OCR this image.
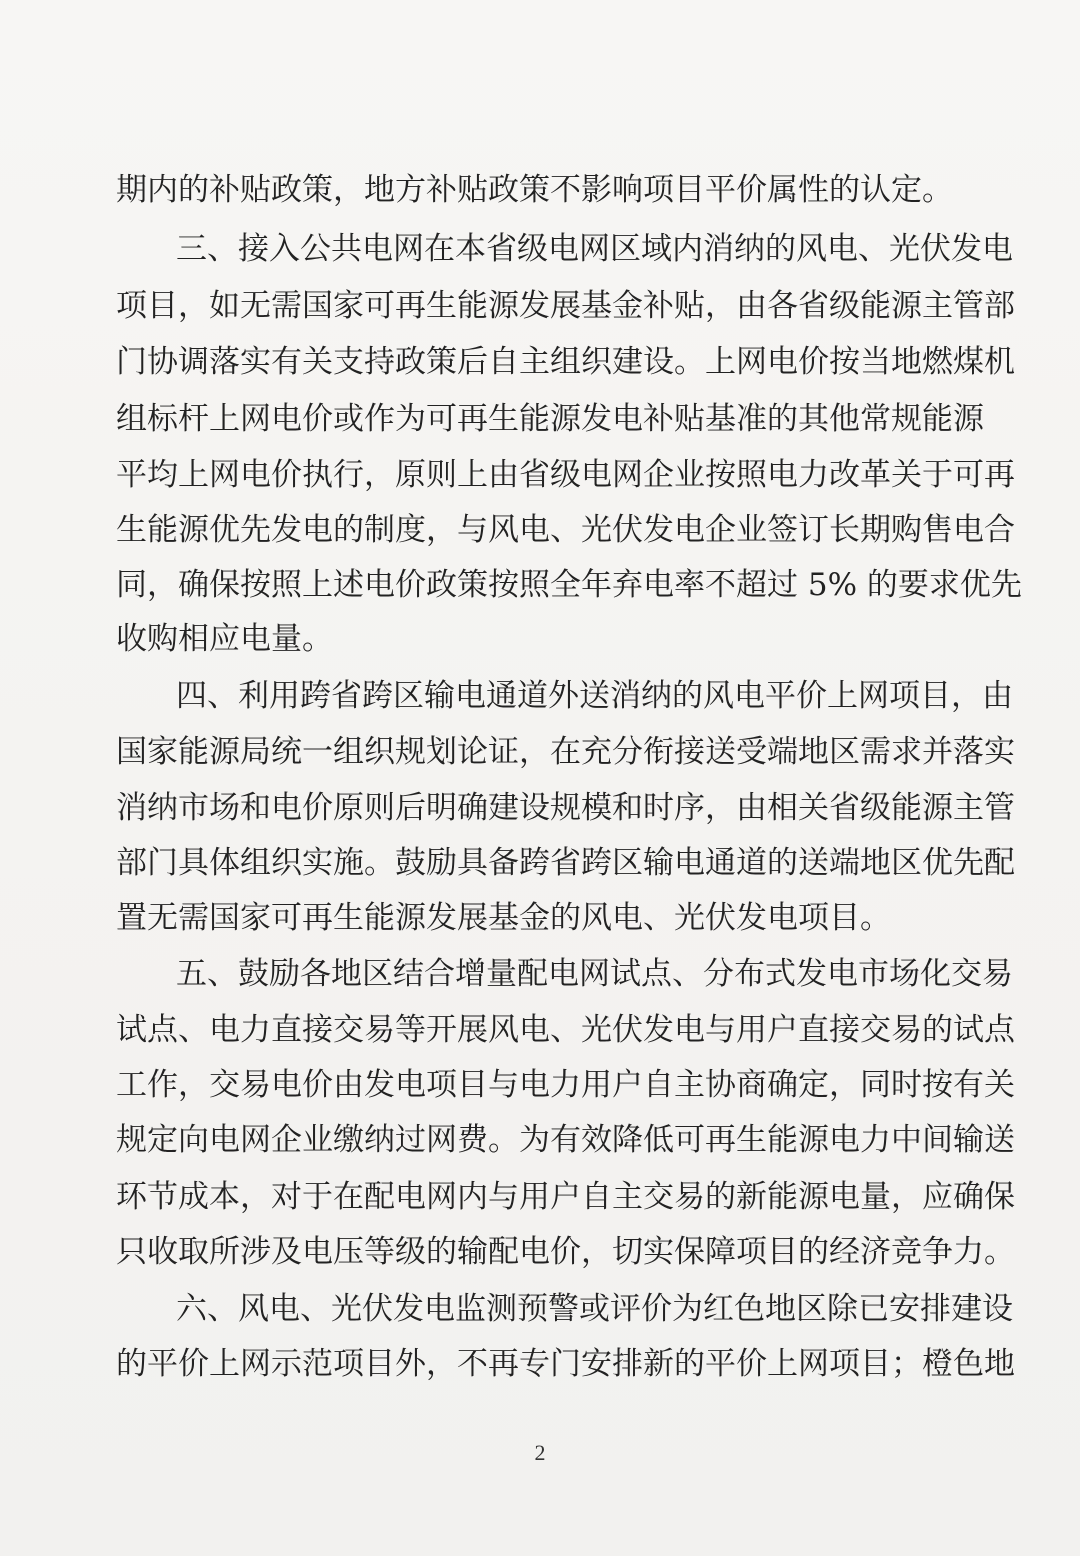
期内的补贴政策，地方补贴政策不影响项目平价属性的认定。

三、接入公共电网在本省级电网区域内消纳的风电、光伏发电

项目，如无需国家可再生能源发展基金补贴，由各省级能源主管部

门协调落实有关支持政策后自主组织建设。上网电价按当地燃煤机

组标杆上网电价或作为可再生能源发电补贴基准的其他常规能源

平均上网电价执行，原则上由省级电网企业按照电力改革关于可再

生能源优先发电的制度，与风电、光伏发电企业签订长期购售电合

同，确保按照上述电价政策按照全年弃电率不超过 5% 的要求优先

收购相应电量。

四、利用跨省跨区输电通道外送消纳的风电平价上网项目，由

国家能源局统一组织规划论证，在充分衔接送受端地区需求并落实

消纳市场和电价原则后明确建设规模和时序，由相关省级能源主管

部门具体组织实施。鼓励具备跨省跨区输电通道的送端地区优先配

置无需国家可再生能源发展基金的风电、光伏发电项目。

五、鼓励各地区结合增量配电网试点、分布式发电市场化交易

试点、电力直接交易等开展风电、光伏发电与用户直接交易的试点

工作，交易电价由发电项目与电力用户自主协商确定，同时按有关

规定向电网企业缴纳过网费。为有效降低可再生能源电力中间输送

环节成本，对于在配电网内与用户自主交易的新能源电量，应确保

只收取所涉及电压等级的输配电价，切实保障项目的经济竞争力。

六、风电、光伏发电监测预警或评价为红色地区除已安排建设

的平价上网示范项目外，不再专门安排新的平价上网项目；橙色地

2
